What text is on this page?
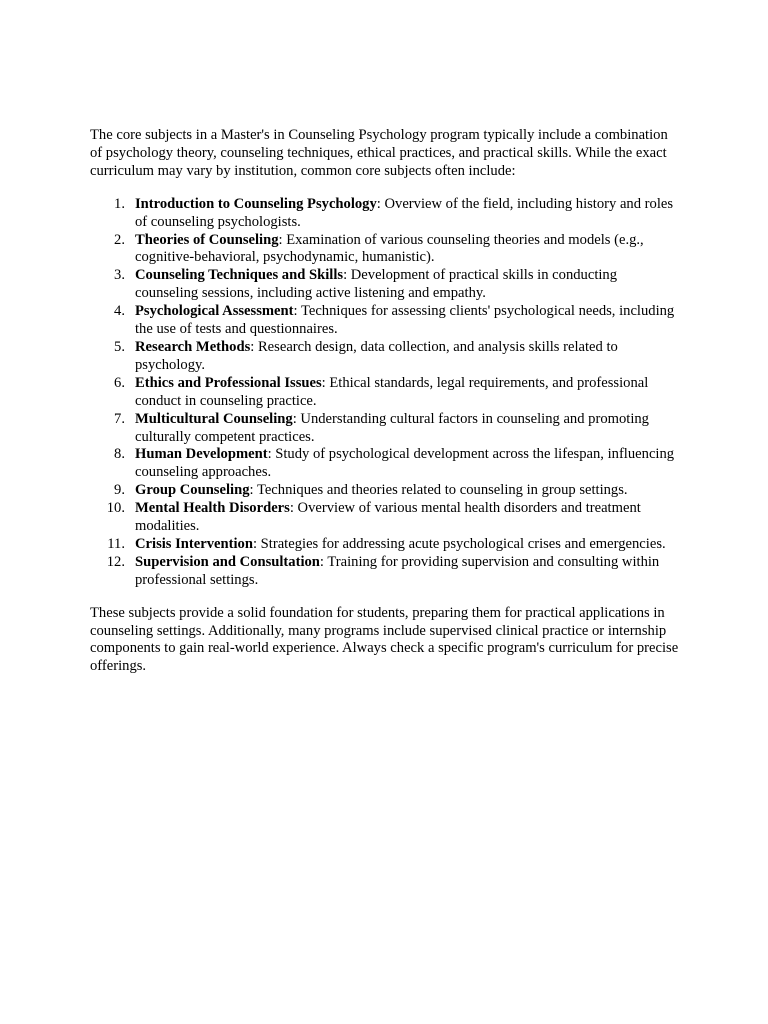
The core subjects in a Master's in Counseling Psychology program typically include a combination of psychology theory, counseling techniques, ethical practices, and practical skills. While the exact curriculum may vary by institution, common core subjects often include:

1. Introduction to Counseling Psychology: Overview of the field, including history and roles of counseling psychologists.
2. Theories of Counseling: Examination of various counseling theories and models (e.g., cognitive-behavioral, psychodynamic, humanistic).
3. Counseling Techniques and Skills: Development of practical skills in conducting counseling sessions, including active listening and empathy.
4. Psychological Assessment: Techniques for assessing clients' psychological needs, including the use of tests and questionnaires.
5. Research Methods: Research design, data collection, and analysis skills related to psychology.
6. Ethics and Professional Issues: Ethical standards, legal requirements, and professional conduct in counseling practice.
7. Multicultural Counseling: Understanding cultural factors in counseling and promoting culturally competent practices.
8. Human Development: Study of psychological development across the lifespan, influencing counseling approaches.
9. Group Counseling: Techniques and theories related to counseling in group settings.
10. Mental Health Disorders: Overview of various mental health disorders and treatment modalities.
11. Crisis Intervention: Strategies for addressing acute psychological crises and emergencies.
12. Supervision and Consultation: Training for providing supervision and consulting within professional settings.

These subjects provide a solid foundation for students, preparing them for practical applications in counseling settings. Additionally, many programs include supervised clinical practice or internship components to gain real-world experience. Always check a specific program's curriculum for precise offerings.
